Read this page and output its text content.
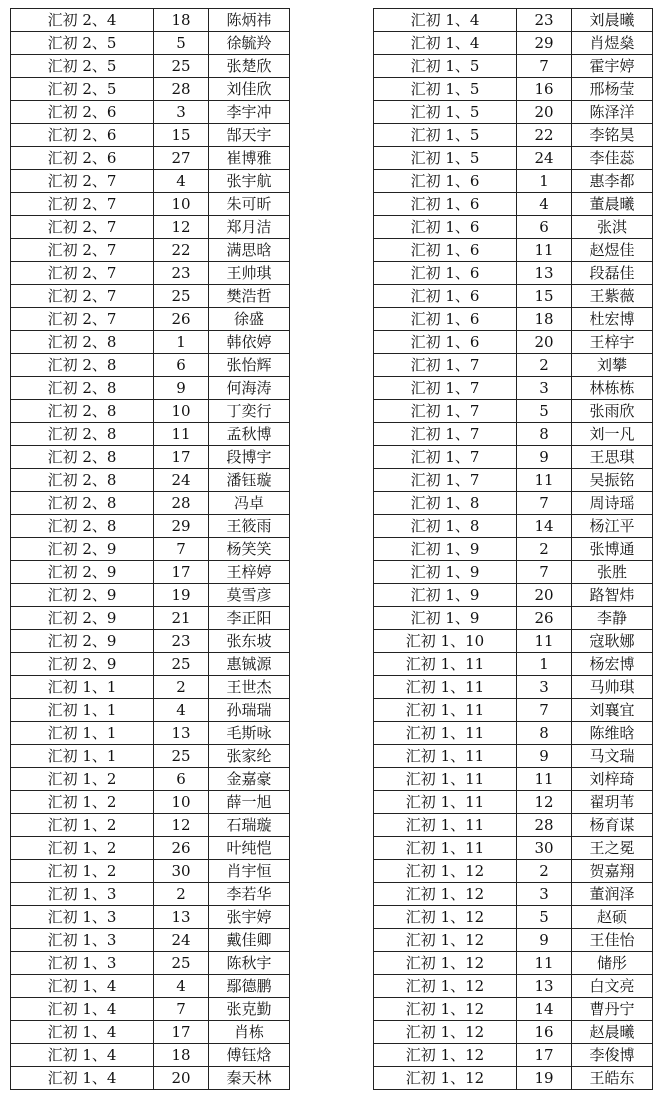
汇初 2、4	18	陈炳祎
汇初 2、5	5	徐毓羚
汇初 2、5	25	张楚欣
汇初 2、5	28	刘佳欣
汇初 2、6	3	李宇冲
汇初 2、6	15	郜天宇
汇初 2、6	27	崔博雅
汇初 2、7	4	张宇航
汇初 2、7	10	朱可昕
汇初 2、7	12	郑月洁
汇初 2、7	22	满思晗
汇初 2、7	23	王帅琪
汇初 2、7	25	樊浩哲
汇初 2、7	26	徐盛
汇初 2、8	1	韩依婷
汇初 2、8	6	张怡辉
汇初 2、8	9	何海涛
汇初 2、8	10	丁奕行
汇初 2、8	11	孟秋博
汇初 2、8	17	段博宇
汇初 2、8	24	潘钰璇
汇初 2、8	28	冯卓
汇初 2、8	29	王筱雨
汇初 2、9	7	杨笑笑
汇初 2、9	17	王梓婷
汇初 2、9	19	莫雪彦
汇初 2、9	21	李正阳
汇初 2、9	23	张东坡
汇初 2、9	25	惠铖源
汇初 1、1	2	王世杰
汇初 1、1	4	孙瑞瑞
汇初 1、1	13	毛斯咏
汇初 1、1	25	张家纶
汇初 1、2	6	金嘉豪
汇初 1、2	10	薛一旭
汇初 1、2	12	石瑞璇
汇初 1、2	26	叶纯恺
汇初 1、2	30	肖宇恒
汇初 1、3	2	李若华
汇初 1、3	13	张宇婷
汇初 1、3	24	戴佳卿
汇初 1、3	25	陈秋宇
汇初 1、4	4	鄢德鹏
汇初 1、4	7	张克勤
汇初 1、4	17	肖栋
汇初 1、4	18	傅钰焓
汇初 1、4	20	秦天林
汇初 1、4	23	刘晨曦
汇初 1、4	29	肖煜燊
汇初 1、5	7	霍宇婷
汇初 1、5	16	邢杨莹
汇初 1、5	20	陈泽洋
汇初 1、5	22	李铭昊
汇初 1、5	24	李佳蕊
汇初 1、6	1	惠李都
汇初 1、6	4	董晨曦
汇初 1、6	6	张淇
汇初 1、6	11	赵煜佳
汇初 1、6	13	段磊佳
汇初 1、6	15	王紫薇
汇初 1、6	18	杜宏博
汇初 1、6	20	王梓宇
汇初 1、7	2	刘攀
汇初 1、7	3	林栋栋
汇初 1、7	5	张雨欣
汇初 1、7	8	刘一凡
汇初 1、7	9	王思琪
汇初 1、7	11	吴振铭
汇初 1、8	7	周诗瑶
汇初 1、8	14	杨江平
汇初 1、9	2	张博通
汇初 1、9	7	张胜
汇初 1、9	20	路智炜
汇初 1、9	26	李静
汇初 1、10	11	寇耿娜
汇初 1、11	1	杨宏博
汇初 1、11	3	马帅琪
汇初 1、11	7	刘襄宜
汇初 1、11	8	陈维晗
汇初 1、11	9	马文瑞
汇初 1、11	11	刘梓琦
汇初 1、11	12	翟玥苇
汇初 1、11	28	杨育谋
汇初 1、11	30	王之冕
汇初 1、12	2	贺嘉翔
汇初 1、12	3	董润泽
汇初 1、12	5	赵硕
汇初 1、12	9	王佳怡
汇初 1、12	11	储彤
汇初 1、12	13	白文亮
汇初 1、12	14	曹丹宁
汇初 1、12	16	赵晨曦
汇初 1、12	17	李俊博
汇初 1、12	19	王皓东
